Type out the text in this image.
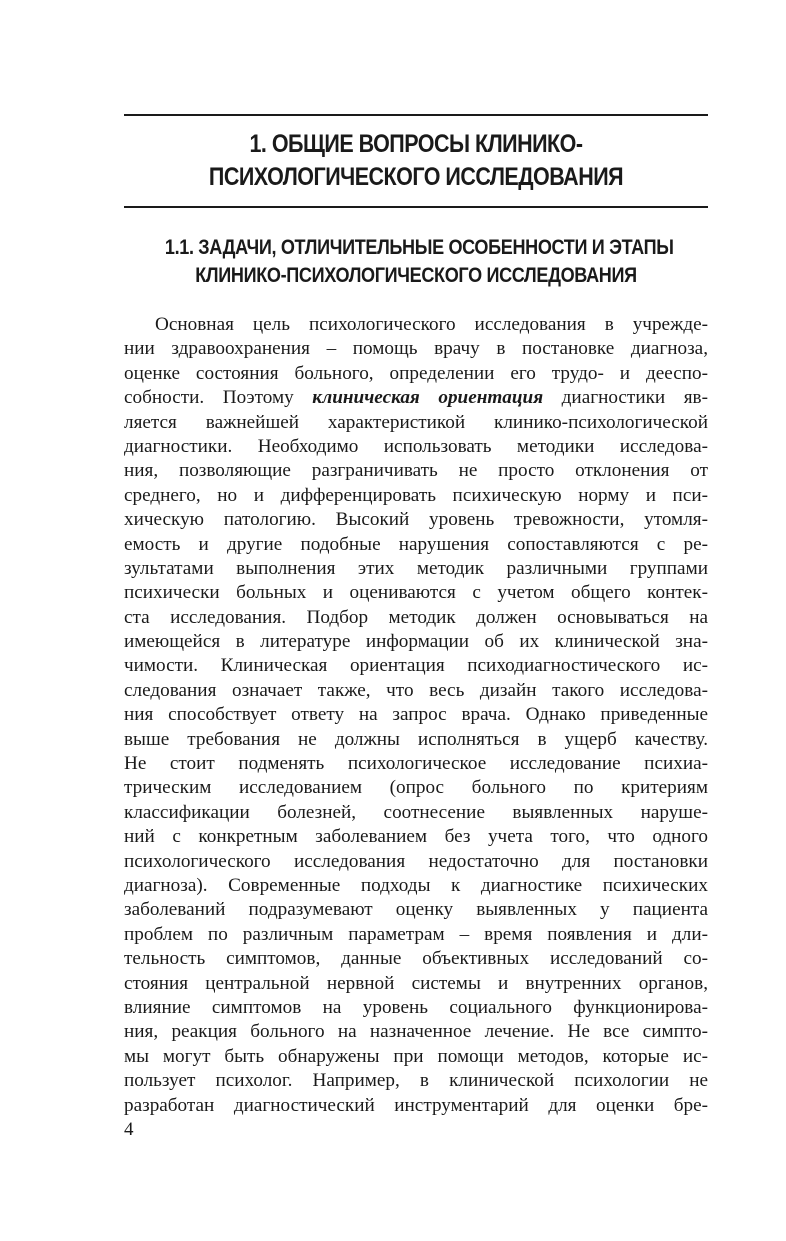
1. ОБЩИЕ ВОПРОСЫ КЛИНИКО-
ПСИХОЛОГИЧЕСКОГО ИССЛЕДОВАНИЯ
1.1. ЗАДАЧИ, ОТЛИЧИТЕЛЬНЫЕ ОСОБЕННОСТИ И ЭТАПЫ
КЛИНИКО-ПСИХОЛОГИЧЕСКОГО ИССЛЕДОВАНИЯ
Основная цель психологического исследования в учрежде-
нии здравоохранения – помощь врачу в постановке диагноза,
оценке состояния больного, определении его трудо- и дееспо-
собности. Поэтому клиническая ориентация диагностики яв-
ляется важнейшей характеристикой клинико-психологической
диагностики. Необходимо использовать методики исследова-
ния, позволяющие разграничивать не просто отклонения от
среднего, но и дифференцировать психическую норму и пси-
хическую патологию. Высокий уровень тревожности, утомля-
емость и другие подобные нарушения сопоставляются с ре-
зультатами выполнения этих методик различными группами
психически больных и оцениваются с учетом общего контек-
ста исследования. Подбор методик должен основываться на
имеющейся в литературе информации об их клинической зна-
чимости. Клиническая ориентация психодиагностического ис-
следования означает также, что весь дизайн такого исследова-
ния способствует ответу на запрос врача. Однако приведенные
выше требования не должны исполняться в ущерб качеству.
Не стоит подменять психологическое исследование психиа-
трическим исследованием (опрос больного по критериям
классификации болезней, соотнесение выявленных наруше-
ний с конкретным заболеванием без учета того, что одного
психологического исследования недостаточно для постановки
диагноза). Современные подходы к диагностике психических
заболеваний подразумевают оценку выявленных у пациента
проблем по различным параметрам – время появления и дли-
тельность симптомов, данные объективных исследований со-
стояния центральной нервной системы и внутренних органов,
влияние симптомов на уровень социального функционирова-
ния, реакция больного на назначенное лечение. Не все симпто-
мы могут быть обнаружены при помощи методов, которые ис-
пользует психолог. Например, в клинической психологии не
разработан диагностический инструментарий для оценки бре-
4
